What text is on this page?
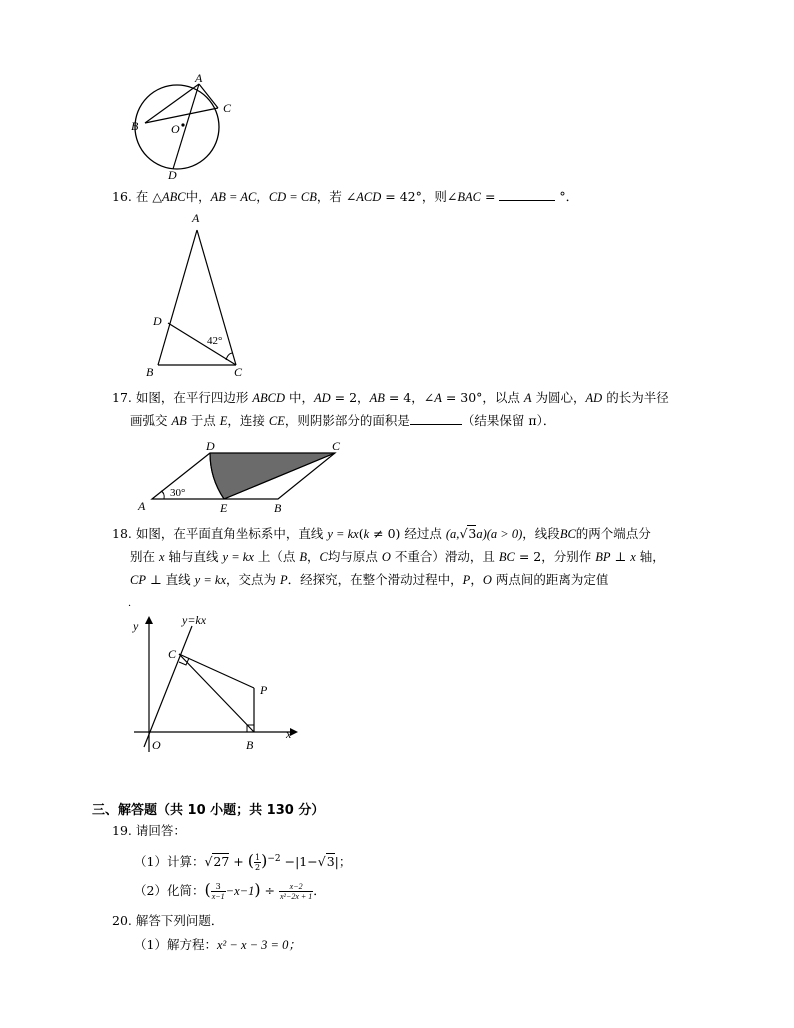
A
B
C
D
O
16. 在 △ABC中，AB = AC，CD = CB，若 ∠ACD = 42°，则∠BAC =	°．
A
D
B	C
42°
17. 如图，在平行四边形 ABCD 中，AD = 2，AB = 4，∠A = 30°，以点 A 为圆心，AD 的长为半径
画弧交 AB 于点 E，连接 CE，则阴影部分的面积是	（结果保留 π）．
A
D	C
E	B
30°
18. 如图，在平面直角坐标系中，直线 y = kx(k ≠ 0) 经过点 (a,√3a)(a > 0)，线段BC的两个端点分
别在 x 轴与直线 y = kx 上（点 B，C均与原点 O 不重合）滑动，且 BC = 2，分别作 BP ⊥ x 轴，
CP ⊥ 直线 y = kx，交点为 P．经探究，在整个滑动过程中，P，O 两点间的距离为定值
．
y
x
y=kx
C
P
O	B
三、解答题（共 10 小题；共 130 分）
19. 请回答：
（1）计算：√27 + ( $\frac{1}{2} )^{-2} -|1-√3|$；
（2）化简：( $\frac{3}{x-1} -x-1) \div \frac{x-2}{\text{x²−2x + 1}}$ ．
20. 解答下列问题．
（1）解方程：x² − x − 3 = 0；
